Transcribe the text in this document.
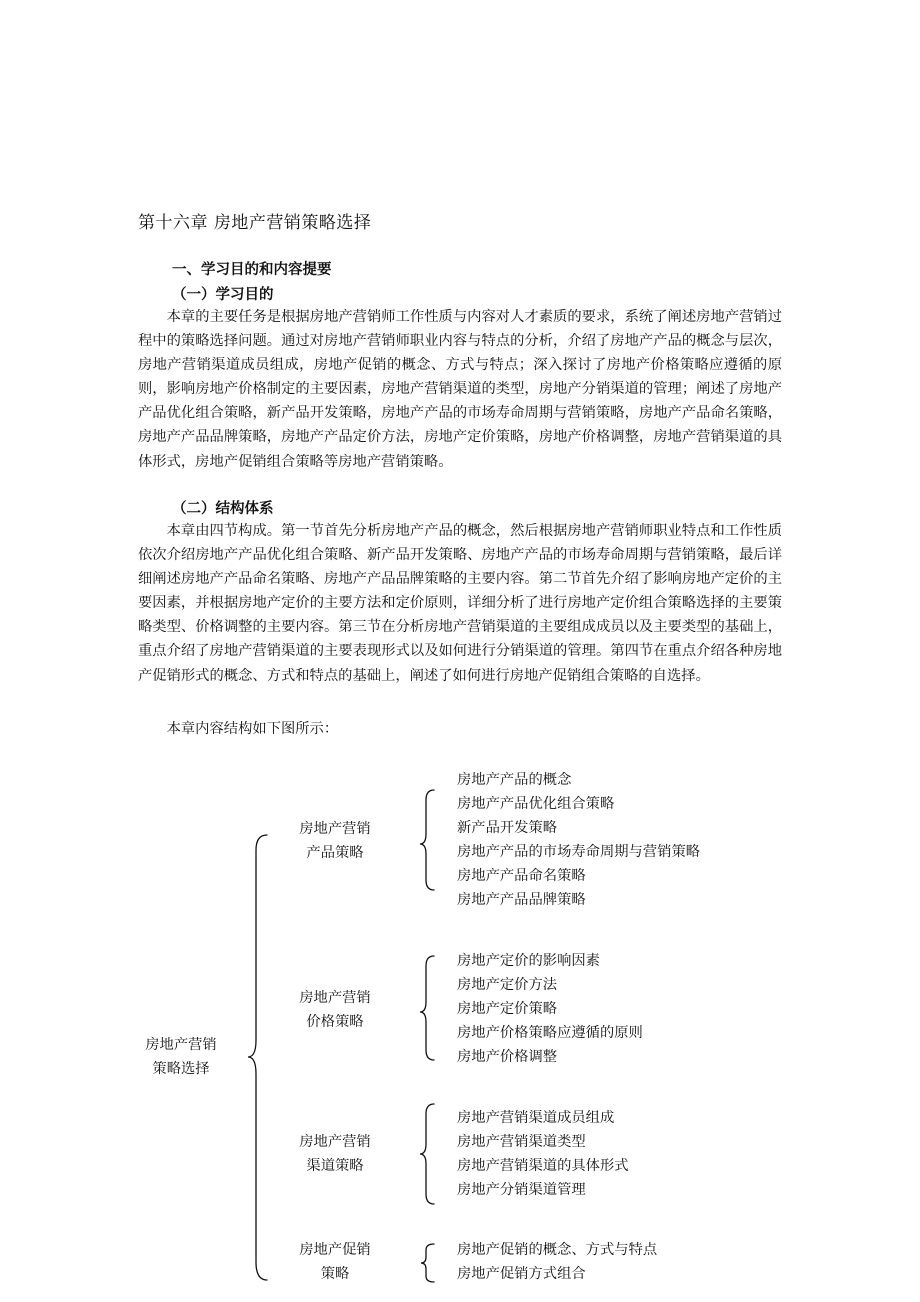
第十六章 房地产营销策略选择
一、学习目的和内容提要
（一）学习目的

本章的主要任务是根据房地产营销师工作性质与内容对人才素质的要求，系统了阐述房地产营销过程中的策略选择问题。通过对房地产营销师职业内容与特点的分析，介绍了房地产产品的概念与层次，房地产营销渠道成员组成，房地产促销的概念、方式与特点；深入探讨了房地产价格策略应遵循的原则，影响房地产价格制定的主要因素，房地产营销渠道的类型，房地产分销渠道的管理；阐述了房地产产品优化组合策略，新产品开发策略，房地产产品的市场寿命周期与营销策略，房地产产品命名策略，房地产产品品牌策略，房地产产品定价方法，房地产定价策略，房地产价格调整，房地产营销渠道的具体形式，房地产促销组合策略等房地产营销策略。

（二）结构体系

本章由四节构成。第一节首先分析房地产产品的概念，然后根据房地产营销师职业特点和工作性质依次介绍房地产产品优化组合策略、新产品开发策略、房地产产品的市场寿命周期与营销策略，最后详细阐述房地产产品命名策略、房地产产品品牌策略的主要内容。第二节首先介绍了影响房地产定价的主要因素，并根据房地产定价的主要方法和定价原则，详细分析了进行房地产定价组合策略选择的主要策略类型、价格调整的主要内容。第三节在分析房地产营销渠道的主要组成成员以及主要类型的基础上，重点介绍了房地产营销渠道的主要表现形式以及如何进行分销渠道的管理。第四节在重点介绍各种房地产促销形式的概念、方式和特点的基础上，阐述了如何进行房地产促销组合策略的自选择。

本章内容结构如下图所示：

房地产营销
策略选择
房地产营销
产品策略
房地产产品的概念
房地产产品优化组合策略
新产品开发策略
房地产产品的市场寿命周期与营销策略
房地产产品命名策略
房地产产品品牌策略
房地产营销
价格策略
房地产定价的影响因素
房地产定价方法
房地产定价策略
房地产价格策略应遵循的原则
房地产价格调整
房地产营销
渠道策略
房地产营销渠道成员组成
房地产营销渠道类型
房地产营销渠道的具体形式
房地产分销渠道管理
房地产促销
策略
房地产促销的概念、方式与特点
房地产促销方式组合
